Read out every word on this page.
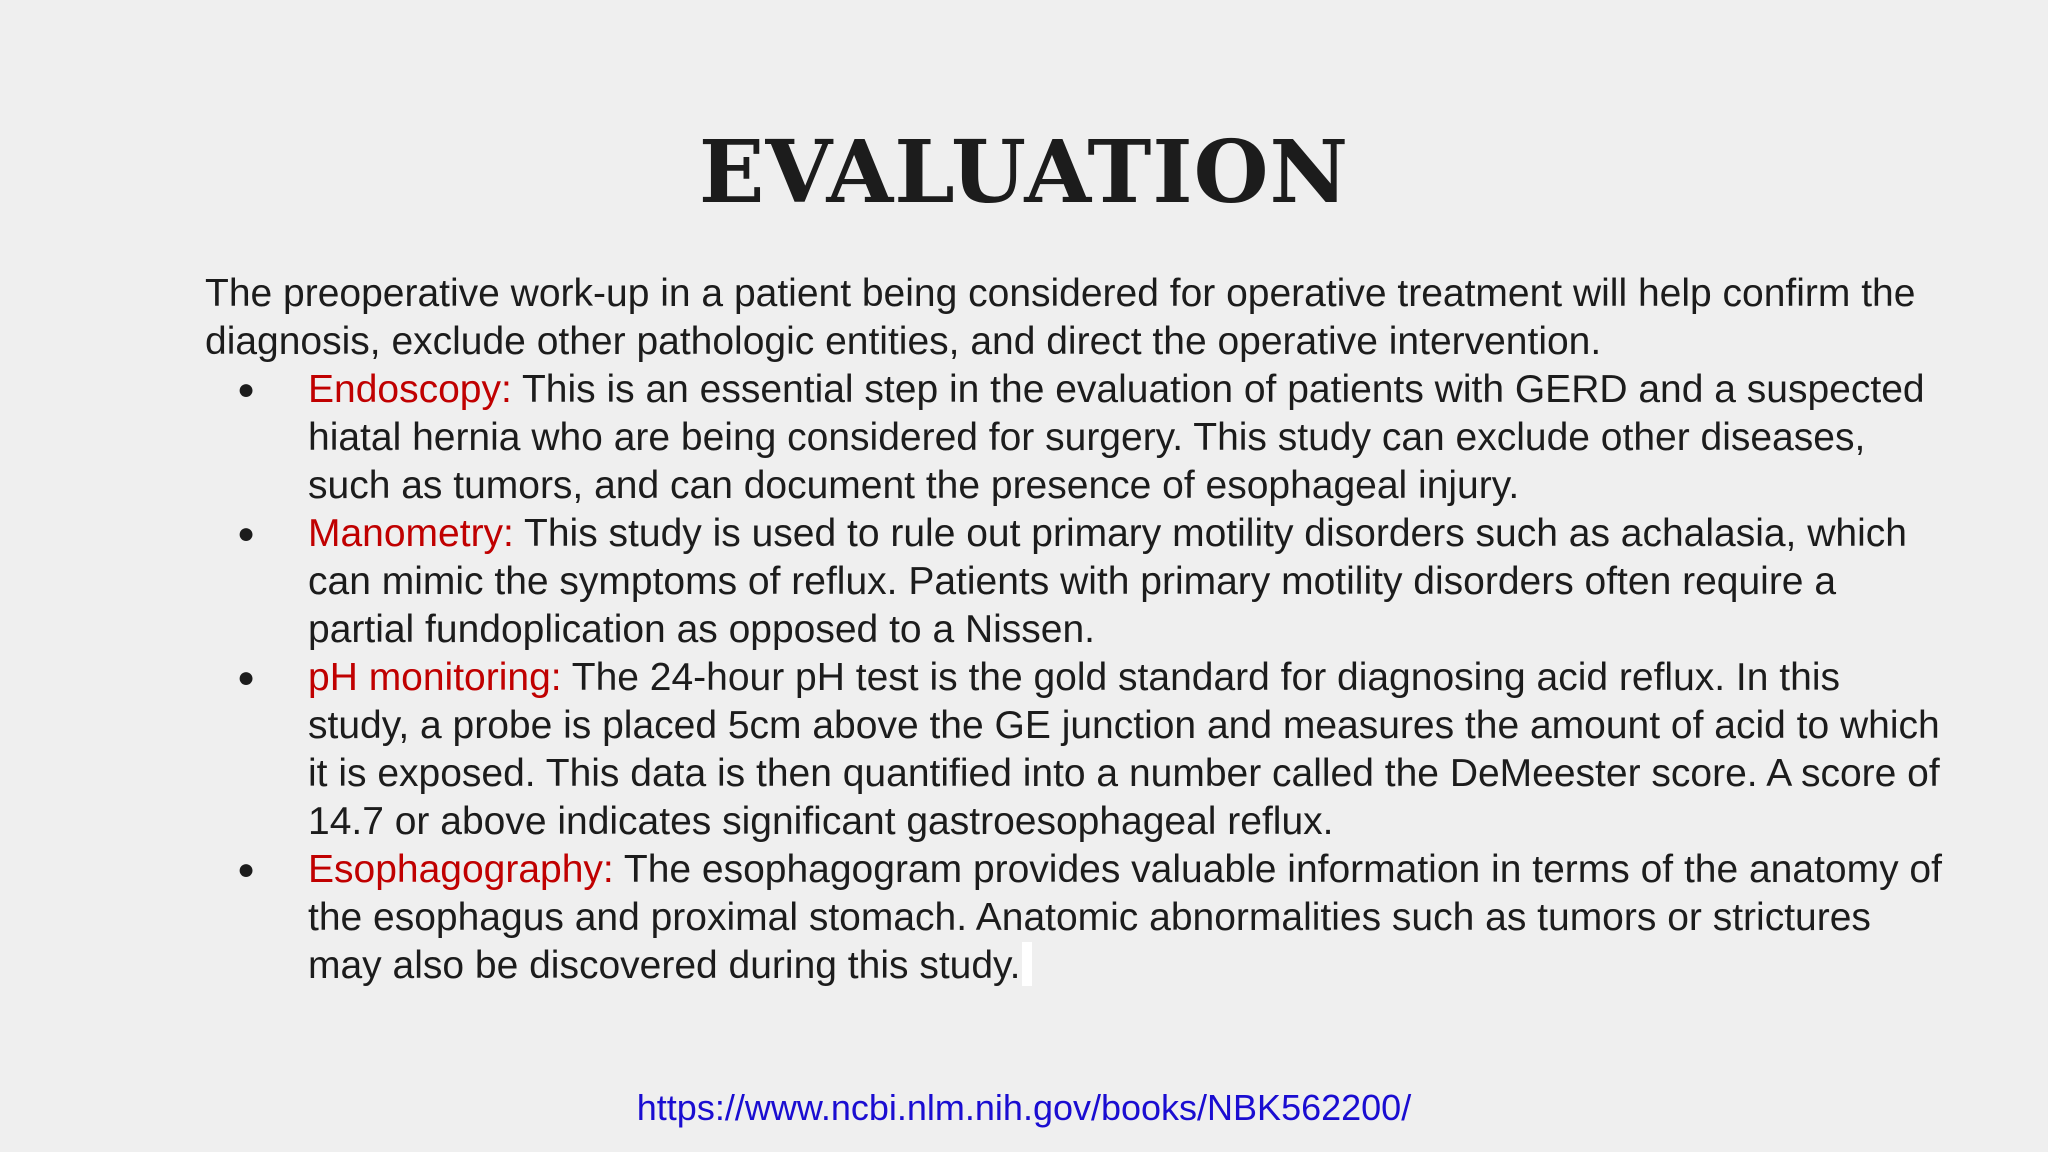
EVALUATION

The preoperative work-up in a patient being considered for operative treatment will help confirm the diagnosis, exclude other pathologic entities, and direct the operative intervention.

● Endoscopy: This is an essential step in the evaluation of patients with GERD and a suspected hiatal hernia who are being considered for surgery. This study can exclude other diseases, such as tumors, and can document the presence of esophageal injury.
● Manometry: This study is used to rule out primary motility disorders such as achalasia, which can mimic the symptoms of reflux. Patients with primary motility disorders often require a partial fundoplication as opposed to a Nissen.
● pH monitoring: The 24-hour pH test is the gold standard for diagnosing acid reflux. In this study, a probe is placed 5cm above the GE junction and measures the amount of acid to which it is exposed. This data is then quantified into a number called the DeMeester score. A score of 14.7 or above indicates significant gastroesophageal reflux.
● Esophagography: The esophagogram provides valuable information in terms of the anatomy of the esophagus and proximal stomach. Anatomic abnormalities such as tumors or strictures may also be discovered during this study.
https://www.ncbi.nlm.nih.gov/books/NBK562200/
